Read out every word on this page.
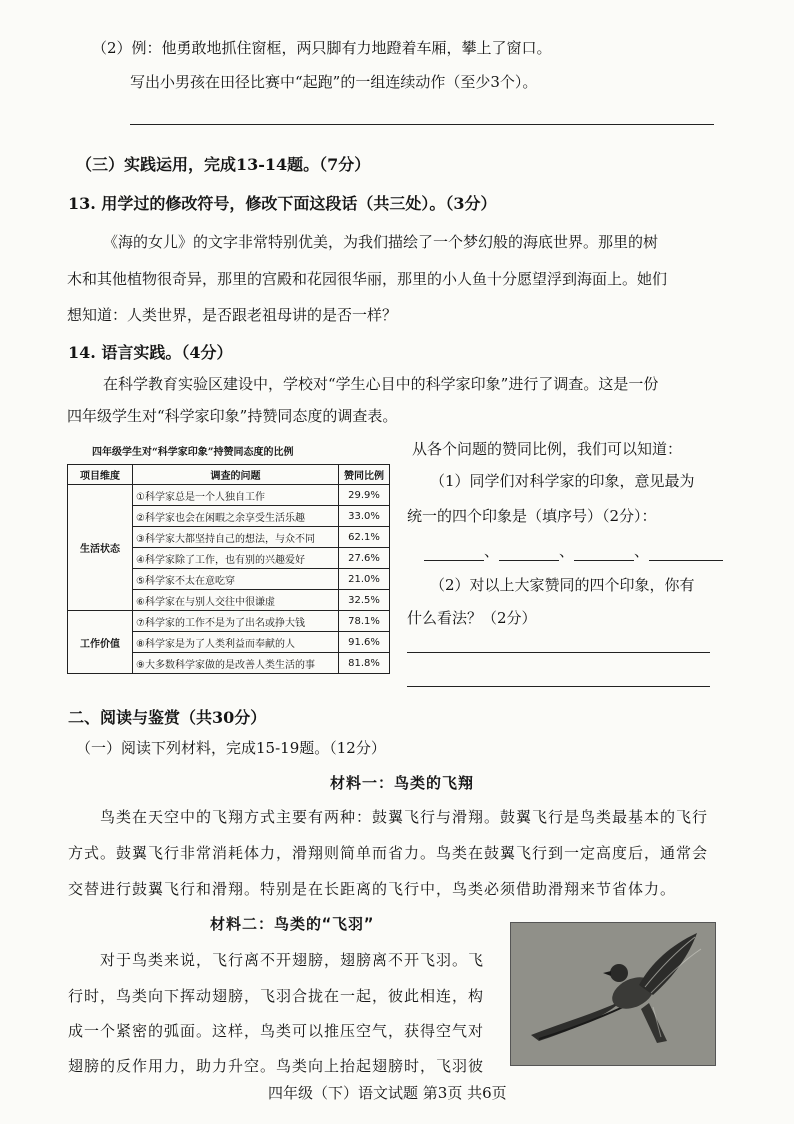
（2）例：他勇敢地抓住窗框，两只脚有力地蹬着车厢，攀上了窗口。
写出小男孩在田径比赛中“起跑”的一组连续动作（至少3个）。
（三）实践运用，完成13-14题。（7分）
13. 用学过的修改符号，修改下面这段话（共三处）。（3分）
《海的女儿》的文字非常特别优美，为我们描绘了一个梦幻般的海底世界。那里的树
木和其他植物很奇异，那里的宫殿和花园很华丽，那里的小人鱼十分愿望浮到海面上。她们
想知道：人类世界，是否跟老祖母讲的是否一样？
14. 语言实践。（4分）
在科学教育实验区建设中，学校对“学生心目中的科学家印象”进行了调查。这是一份
四年级学生对“科学家印象”持赞同态度的调查表。
四年级学生对“科学家印象”持赞同态度的比例
项目维度	调查的问题	赞同比例
生活状态	①科学家总是一个人独自工作	29.9%
	②科学家也会在闲暇之余享受生活乐趣	33.0%
	③科学家大都坚持自己的想法，与众不同	62.1%
	④科学家除了工作，也有别的兴趣爱好	27.6%
	⑤科学家不太在意吃穿	21.0%
	⑥科学家在与别人交往中很谦虚	32.5%
工作价值	⑦科学家的工作不是为了出名或挣大钱	78.1%
	⑧科学家是为了人类利益而奉献的人	91.6%
	⑨大多数科学家做的是改善人类生活的事	81.8%
从各个问题的赞同比例，我们可以知道：
（1）同学们对科学家的印象，意见最为
统一的四个印象是（填序号）（2分）：
、	、	、
（2）对以上大家赞同的四个印象，你有
什么看法？（2分）
二、阅读与鉴赏（共30分）
（一）阅读下列材料，完成15-19题。（12分）
材料一：鸟类的飞翔
鸟类在天空中的飞翔方式主要有两种：鼓翼飞行与滑翔。鼓翼飞行是鸟类最基本的飞行
方式。鼓翼飞行非常消耗体力，滑翔则简单而省力。鸟类在鼓翼飞行到一定高度后，通常会
交替进行鼓翼飞行和滑翔。特别是在长距离的飞行中，鸟类必须借助滑翔来节省体力。
材料二：鸟类的“飞羽”
对于鸟类来说，飞行离不开翅膀，翅膀离不开飞羽。飞
行时，鸟类向下挥动翅膀，飞羽合拢在一起，彼此相连，构
成一个紧密的弧面。这样，鸟类可以推压空气，获得空气对
翅膀的反作用力，助力升空。鸟类向上抬起翅膀时，飞羽彼
四年级（下）语文试题 第3页 共6页
